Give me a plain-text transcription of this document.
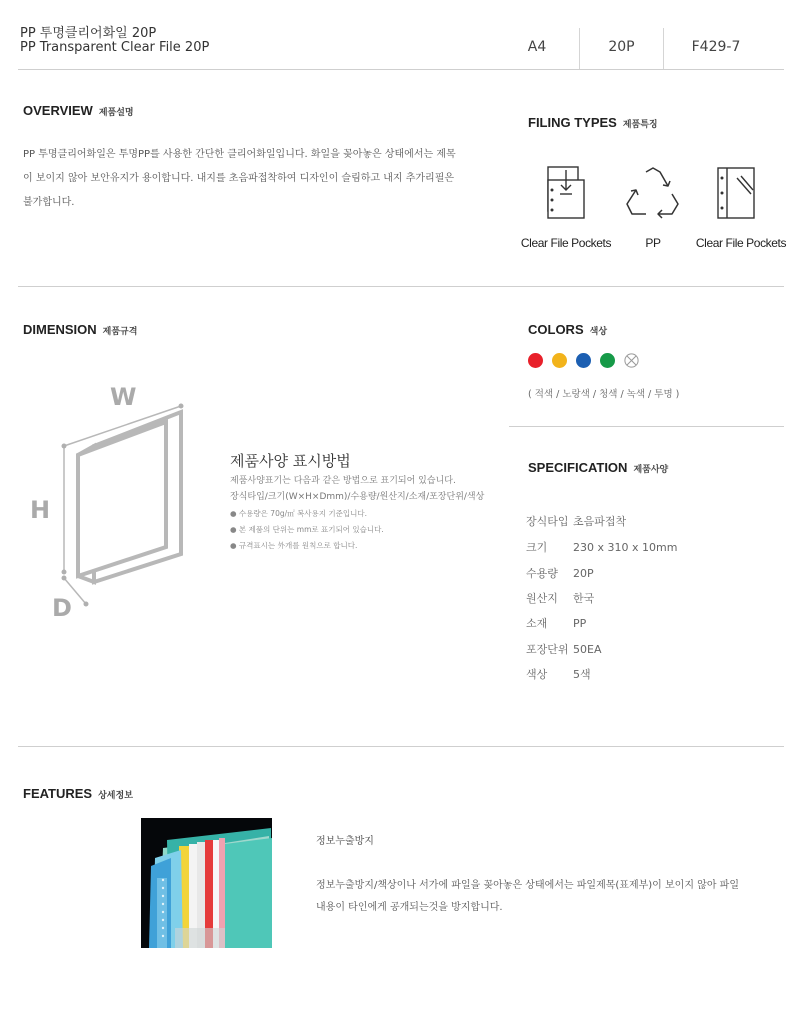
PP 투명클리어화일 20P
PP Transparent Clear File 20P	A4	20P	F429-7
OVERVIEW 제품설명
PP 투명클리어화일은 투명PP를 사용한 간단한 클리어화일입니다. 화일을 꽂아놓은 상태에서는 제목
이 보이지 않아 보안유지가 용이합니다. 내지를 초음파접착하여 디자인이 슬림하고 내지 추가리필은
불가합니다.
FILING TYPES 제품특징
Clear File Pockets	PP	Clear File Pockets
DIMENSION 제품규격
W
H
D
제품사양 표시방법
제품사양표기는 다음과 같은 방법으로 표기되어 있습니다.
장식타입/크기(W×H×Dmm)/수용량/원산지/소재/포장단위/색상
● 수용량은 70g/㎡ 복사용지 기준입니다.
● 본 제품의 단위는 mm로 표기되어 있습니다.
● 규격표시는 外개를 원칙으로 합니다.
COLORS 색상
( 적색 / 노랑색 / 청색 / 녹색 / 투명 )
SPECIFICATION 제품사양
장식타입 초음파접착
크기 230 x 310 x 10mm
수용량 20P
원산지 한국
소재 PP
포장단위 50EA
색상 5색
FEATURES 상세정보
정보누출방지
정보누출방지/책상이나 서가에 파일을 꽂아놓은 상태에서는 파일제목(표제부)이 보이지 않아 파일
내용이 타인에게 공개되는것을 방지합니다.
